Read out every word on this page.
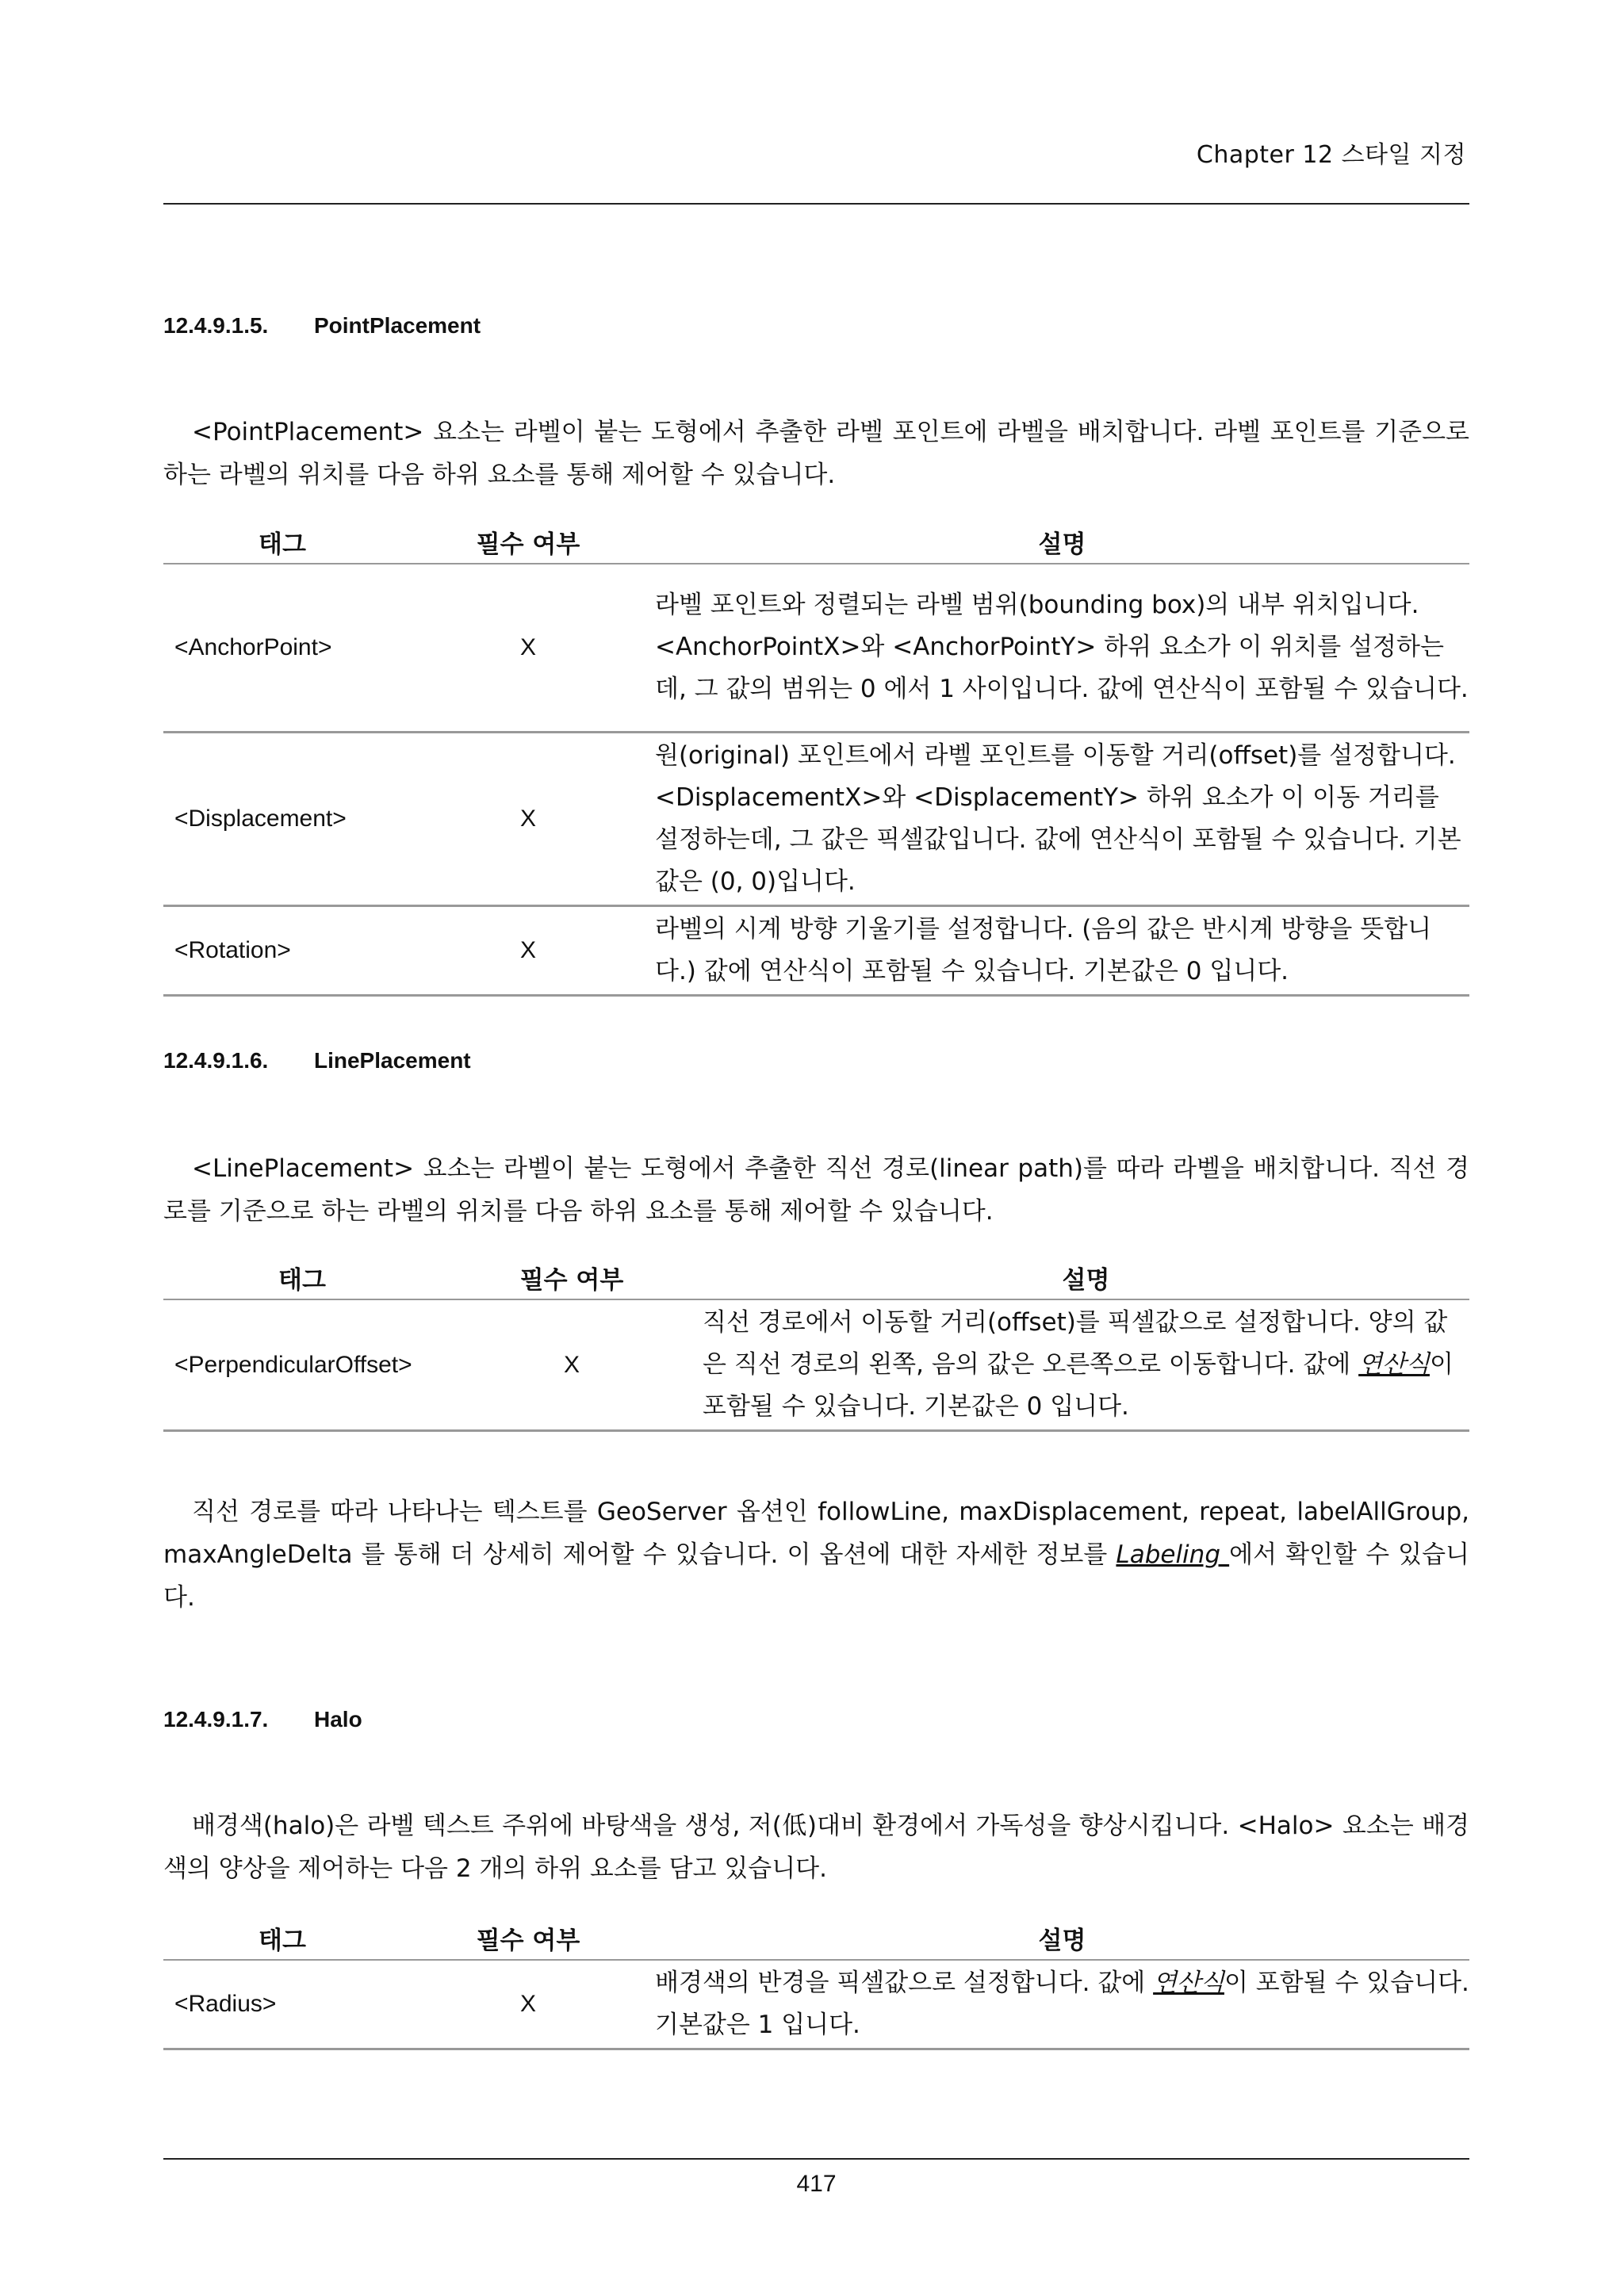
Chapter 12 스타일 지정
12.4.9.1.5. PointPlacement

<PointPlacement> 요소는 라벨이 붙는 도형에서 추출한 라벨 포인트에 라벨을 배치합니다. 라벨 포인트를 기준으로 하는 라벨의 위치를 다음 하위 요소를 통해 제어할 수 있습니다.

태그	필수 여부	설명
<AnchorPoint>	X	라벨 포인트와 정렬되는 라벨 범위(bounding box)의 내부 위치입니다. <AnchorPointX>와 <AnchorPointY> 하위 요소가 이 위치를 설정하는데, 그 값의 범위는 0 에서 1 사이입니다. 값에 연산식이 포함될 수 있습니다.
<Displacement>	X	원(original) 포인트에서 라벨 포인트를 이동할 거리(offset)를 설정합니다. <DisplacementX>와 <DisplacementY> 하위 요소가 이 이동 거리를 설정하는데, 그 값은 픽셀값입니다. 값에 연산식이 포함될 수 있습니다. 기본값은 (0, 0)입니다.
<Rotation>	X	라벨의 시계 방향 기울기를 설정합니다. (음의 값은 반시계 방향을 뜻합니다.) 값에 연산식이 포함될 수 있습니다. 기본값은 0 입니다.
12.4.9.1.6. LinePlacement

<LinePlacement> 요소는 라벨이 붙는 도형에서 추출한 직선 경로(linear path)를 따라 라벨을 배치합니다. 직선 경로를 기준으로 하는 라벨의 위치를 다음 하위 요소를 통해 제어할 수 있습니다.

태그	필수 여부	설명
<PerpendicularOffset>	X	직선 경로에서 이동할 거리(offset)를 픽셀값으로 설정합니다. 양의 값은 직선 경로의 왼쪽, 음의 값은 오른쪽으로 이동합니다. 값에 연산식이 포함될 수 있습니다. 기본값은 0 입니다.

직선 경로를 따라 나타나는 텍스트를 GeoServer 옵션인 followLine, maxDisplacement, repeat, labelAllGroup, maxAngleDelta 를 통해 더 상세히 제어할 수 있습니다. 이 옵션에 대한 자세한 정보를 Labeling 에서 확인할 수 있습니다.

12.4.9.1.7. Halo

배경색(halo)은 라벨 텍스트 주위에 바탕색을 생성, 저(低)대비 환경에서 가독성을 향상시킵니다. <Halo> 요소는 배경색의 양상을 제어하는 다음 2 개의 하위 요소를 담고 있습니다.

태그	필수 여부	설명
<Radius>	X	배경색의 반경을 픽셀값으로 설정합니다. 값에 연산식이 포함될 수 있습니다. 기본값은 1 입니다.
417
